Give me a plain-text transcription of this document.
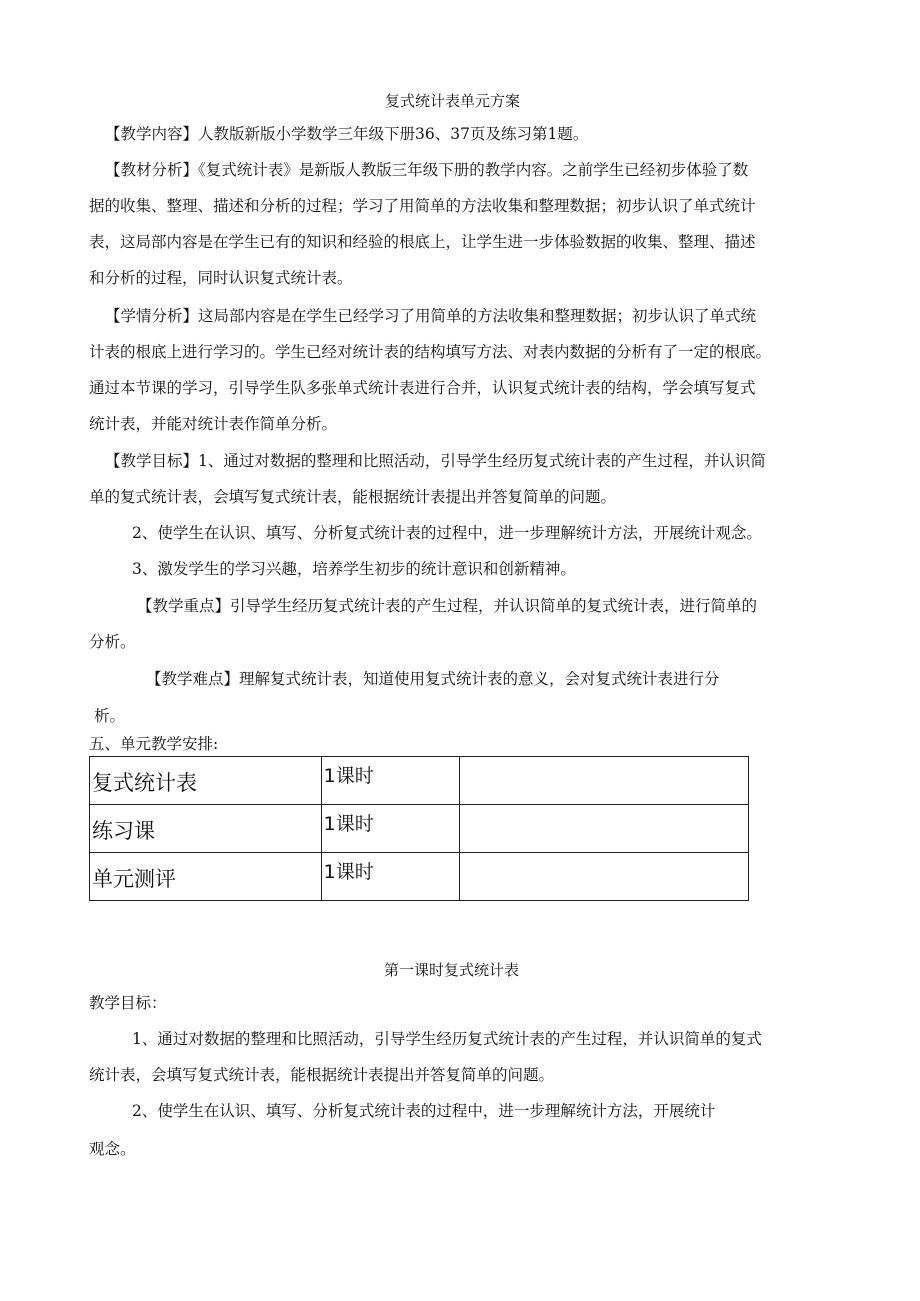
复式统计表单元方案
【教学内容】人教版新版小学数学三年级下册36、37页及练习第1题。
【教材分析】《复式统计表》是新版人教版三年级下册的教学内容。之前学生已经初步体验了数
据的收集、整理、描述和分析的过程；学习了用简单的方法收集和整理数据；初步认识了单式统计
表，这局部内容是在学生已有的知识和经验的根底上，让学生进一步体验数据的收集、整理、描述
和分析的过程，同时认识复式统计表。
【学情分析】这局部内容是在学生已经学习了用简单的方法收集和整理数据；初步认识了单式统
计表的根底上进行学习的。学生已经对统计表的结构填写方法、对表内数据的分析有了一定的根底。
通过本节课的学习，引导学生队多张单式统计表进行合并，认识复式统计表的结构，学会填写复式
统计表，并能对统计表作简单分析。
【教学目标】1、通过对数据的整理和比照活动，引导学生经历复式统计表的产生过程，并认识简
单的复式统计表，会填写复式统计表，能根据统计表提出并答复简单的问题。
2、使学生在认识、填写、分析复式统计表的过程中，进一步理解统计方法，开展统计观念。
3、激发学生的学习兴趣，培养学生初步的统计意识和创新精神。
【教学重点】引导学生经历复式统计表的产生过程，并认识简单的复式统计表，进行简单的
分析。
【教学难点】理解复式统计表，知道使用复式统计表的意义，会对复式统计表进行分
析。
五、单元教学安排:
复式统计表	1课时	
练习课	1课时	
单元测评	1课时	
第一课时复式统计表
教学目标：
1、通过对数据的整理和比照活动，引导学生经历复式统计表的产生过程，并认识简单的复式
统计表，会填写复式统计表，能根据统计表提出并答复简单的问题。
2、使学生在认识、填写、分析复式统计表的过程中，进一步理解统计方法，开展统计
观念。
